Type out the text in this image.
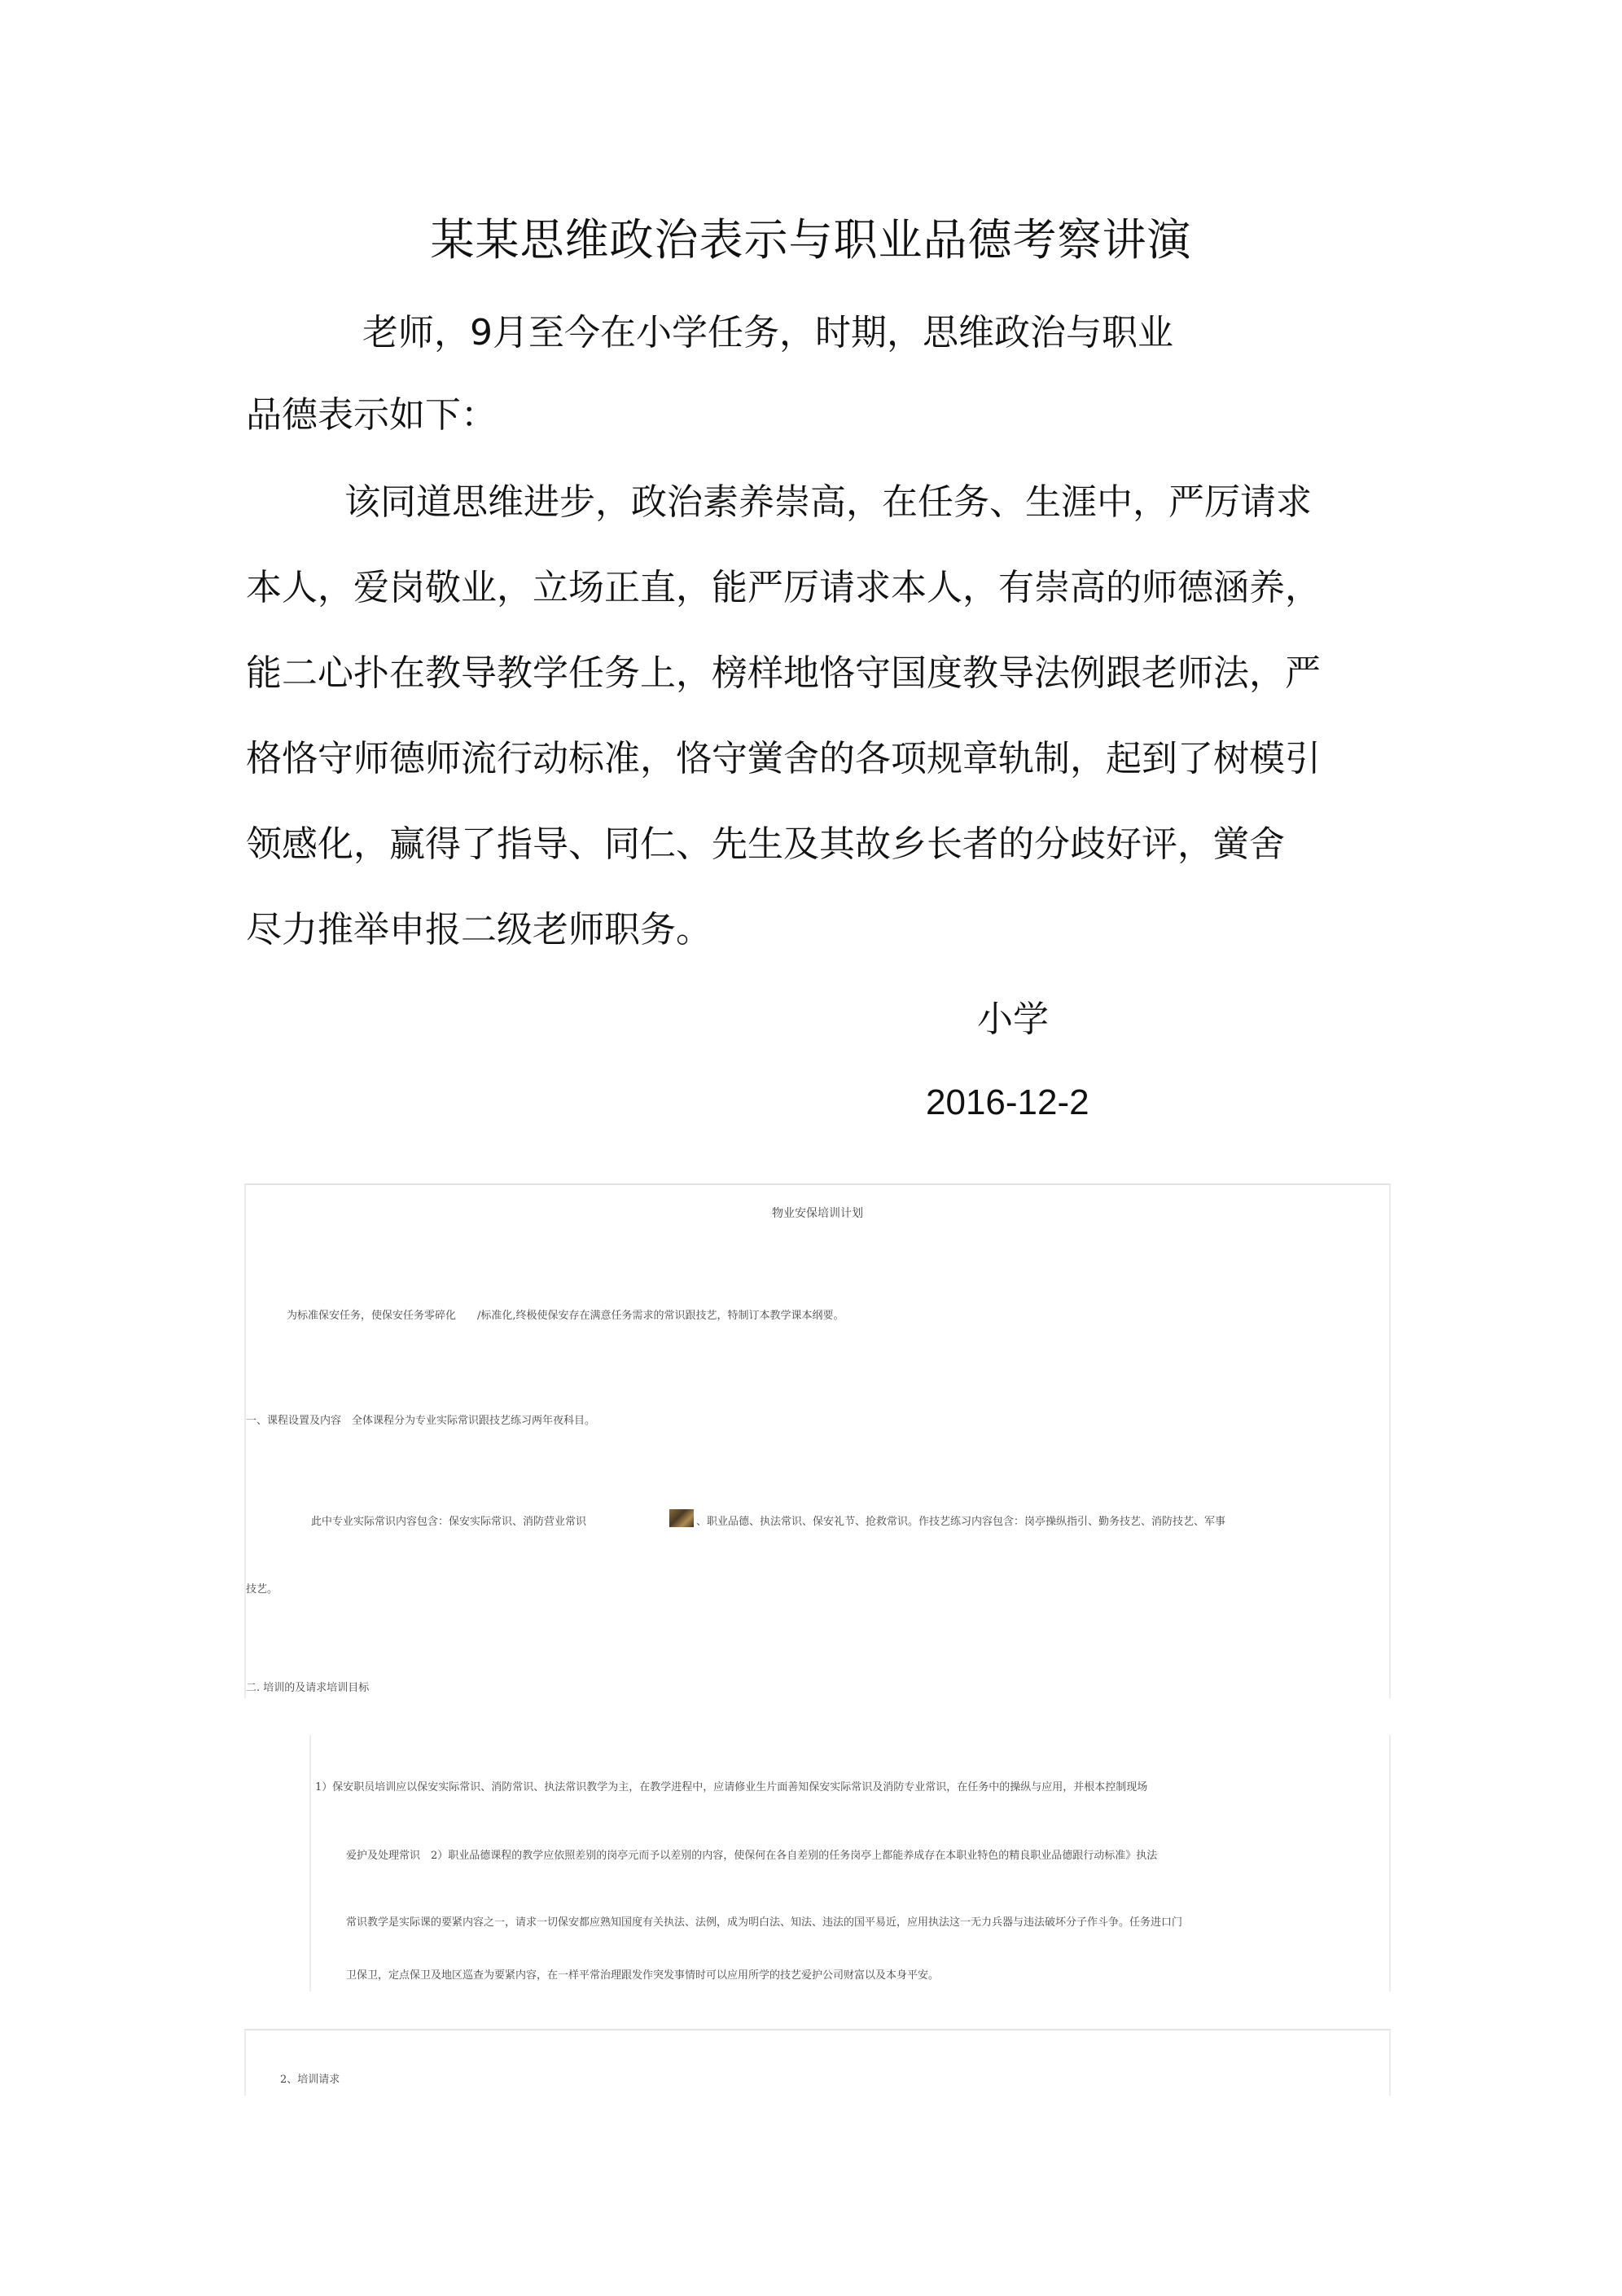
某某思维政治表示与职业品德考察讲演
老师，9月至今在小学任务，时期，思维政治与职业
品德表示如下：
该同道思维进步，政治素养崇高，在任务、生涯中，严厉请求
本人，爱岗敬业，立场正直，能严厉请求本人，有崇高的师德涵养，
能二心扑在教导教学任务上，榜样地恪守国度教导法例跟老师法，严
格恪守师德师流行动标准，恪守黉舍的各项规章轨制，起到了树模引
领感化，赢得了指导、同仁、先生及其故乡长者的分歧好评，黉舍
尽力推举申报二级老师职务。
小学
2016-12-2
物业安保培训计划
为标准保安任务，使保安任务零碎化　　/标准化,终极使保安存在满意任务需求的常识跟技艺，特制订本教学课本纲要。
一、课程设置及内容　全体课程分为专业实际常识跟技艺练习两年夜科目。
此中专业实际常识内容包含：保安实际常识、消防营业常识	、职业品德、执法常识、保安礼节、抢救常识。作技艺练习内容包含：岗亭操纵指引、勤务技艺、消防技艺、军事
技艺。
二. 培训的及请求培训目标
1）保安职员培训应以保安实际常识、消防常识、执法常识教学为主，在教学进程中，应请修业生片面善知保安实际常识及消防专业常识，在任务中的操纵与应用，并根本控制现场
爱护及处理常识　2）职业品德课程的教学应依照差别的岗亭元而予以差别的内容，使保何在各自差别的任务岗亭上都能养成存在本职业特色的精良职业品德跟行动标准》执法
常识教学是实际课的要紧内容之一，请求一切保安都应熟知国度有关执法、法例，成为明白法、知法、违法的国平易近，应用执法这一无力兵器与违法破坏分子作斗争。任务进口门
卫保卫，定点保卫及地区巡查为要紧内容，在一样平常治理跟发作突发事情时可以应用所学的技艺爱护公司财富以及本身平安。
2、培训请求
